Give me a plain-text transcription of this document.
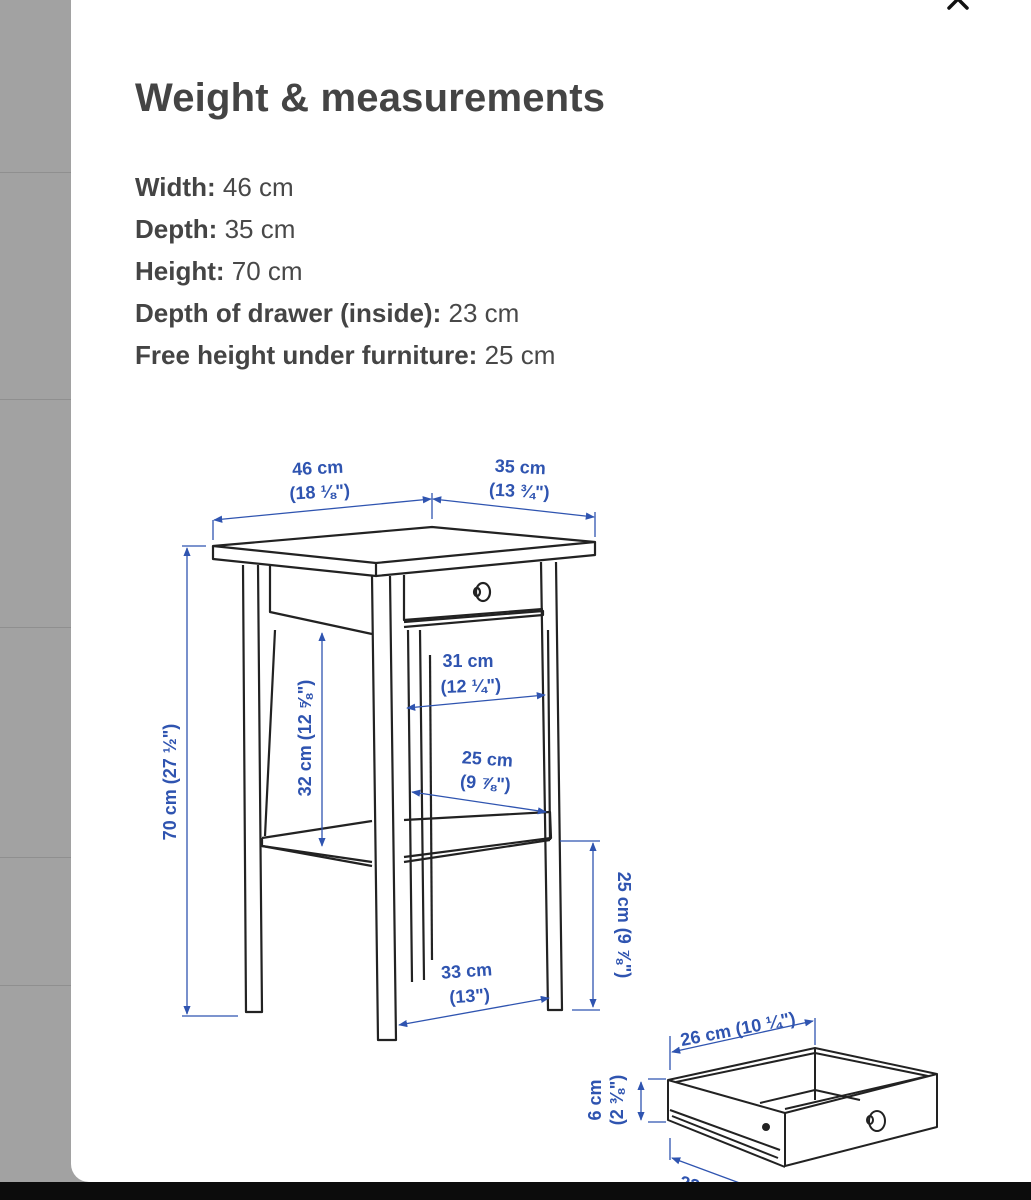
Weight & measurements
Width: 46 cm
Depth: 35 cm
Height: 70 cm
Depth of drawer (inside): 23 cm
Free height under furniture: 25 cm
46 cm
(18 ⅛")
35 cm
(13 ¾")
70 cm (27 ½")	32 cm (12 ⅝")
31 cm
(12 ¼")
25 cm
(9 ⅞")
25 cm (9 ⅞")
33 cm
(13")
26 cm (10 ¼")
6 cm (2 ⅜")
